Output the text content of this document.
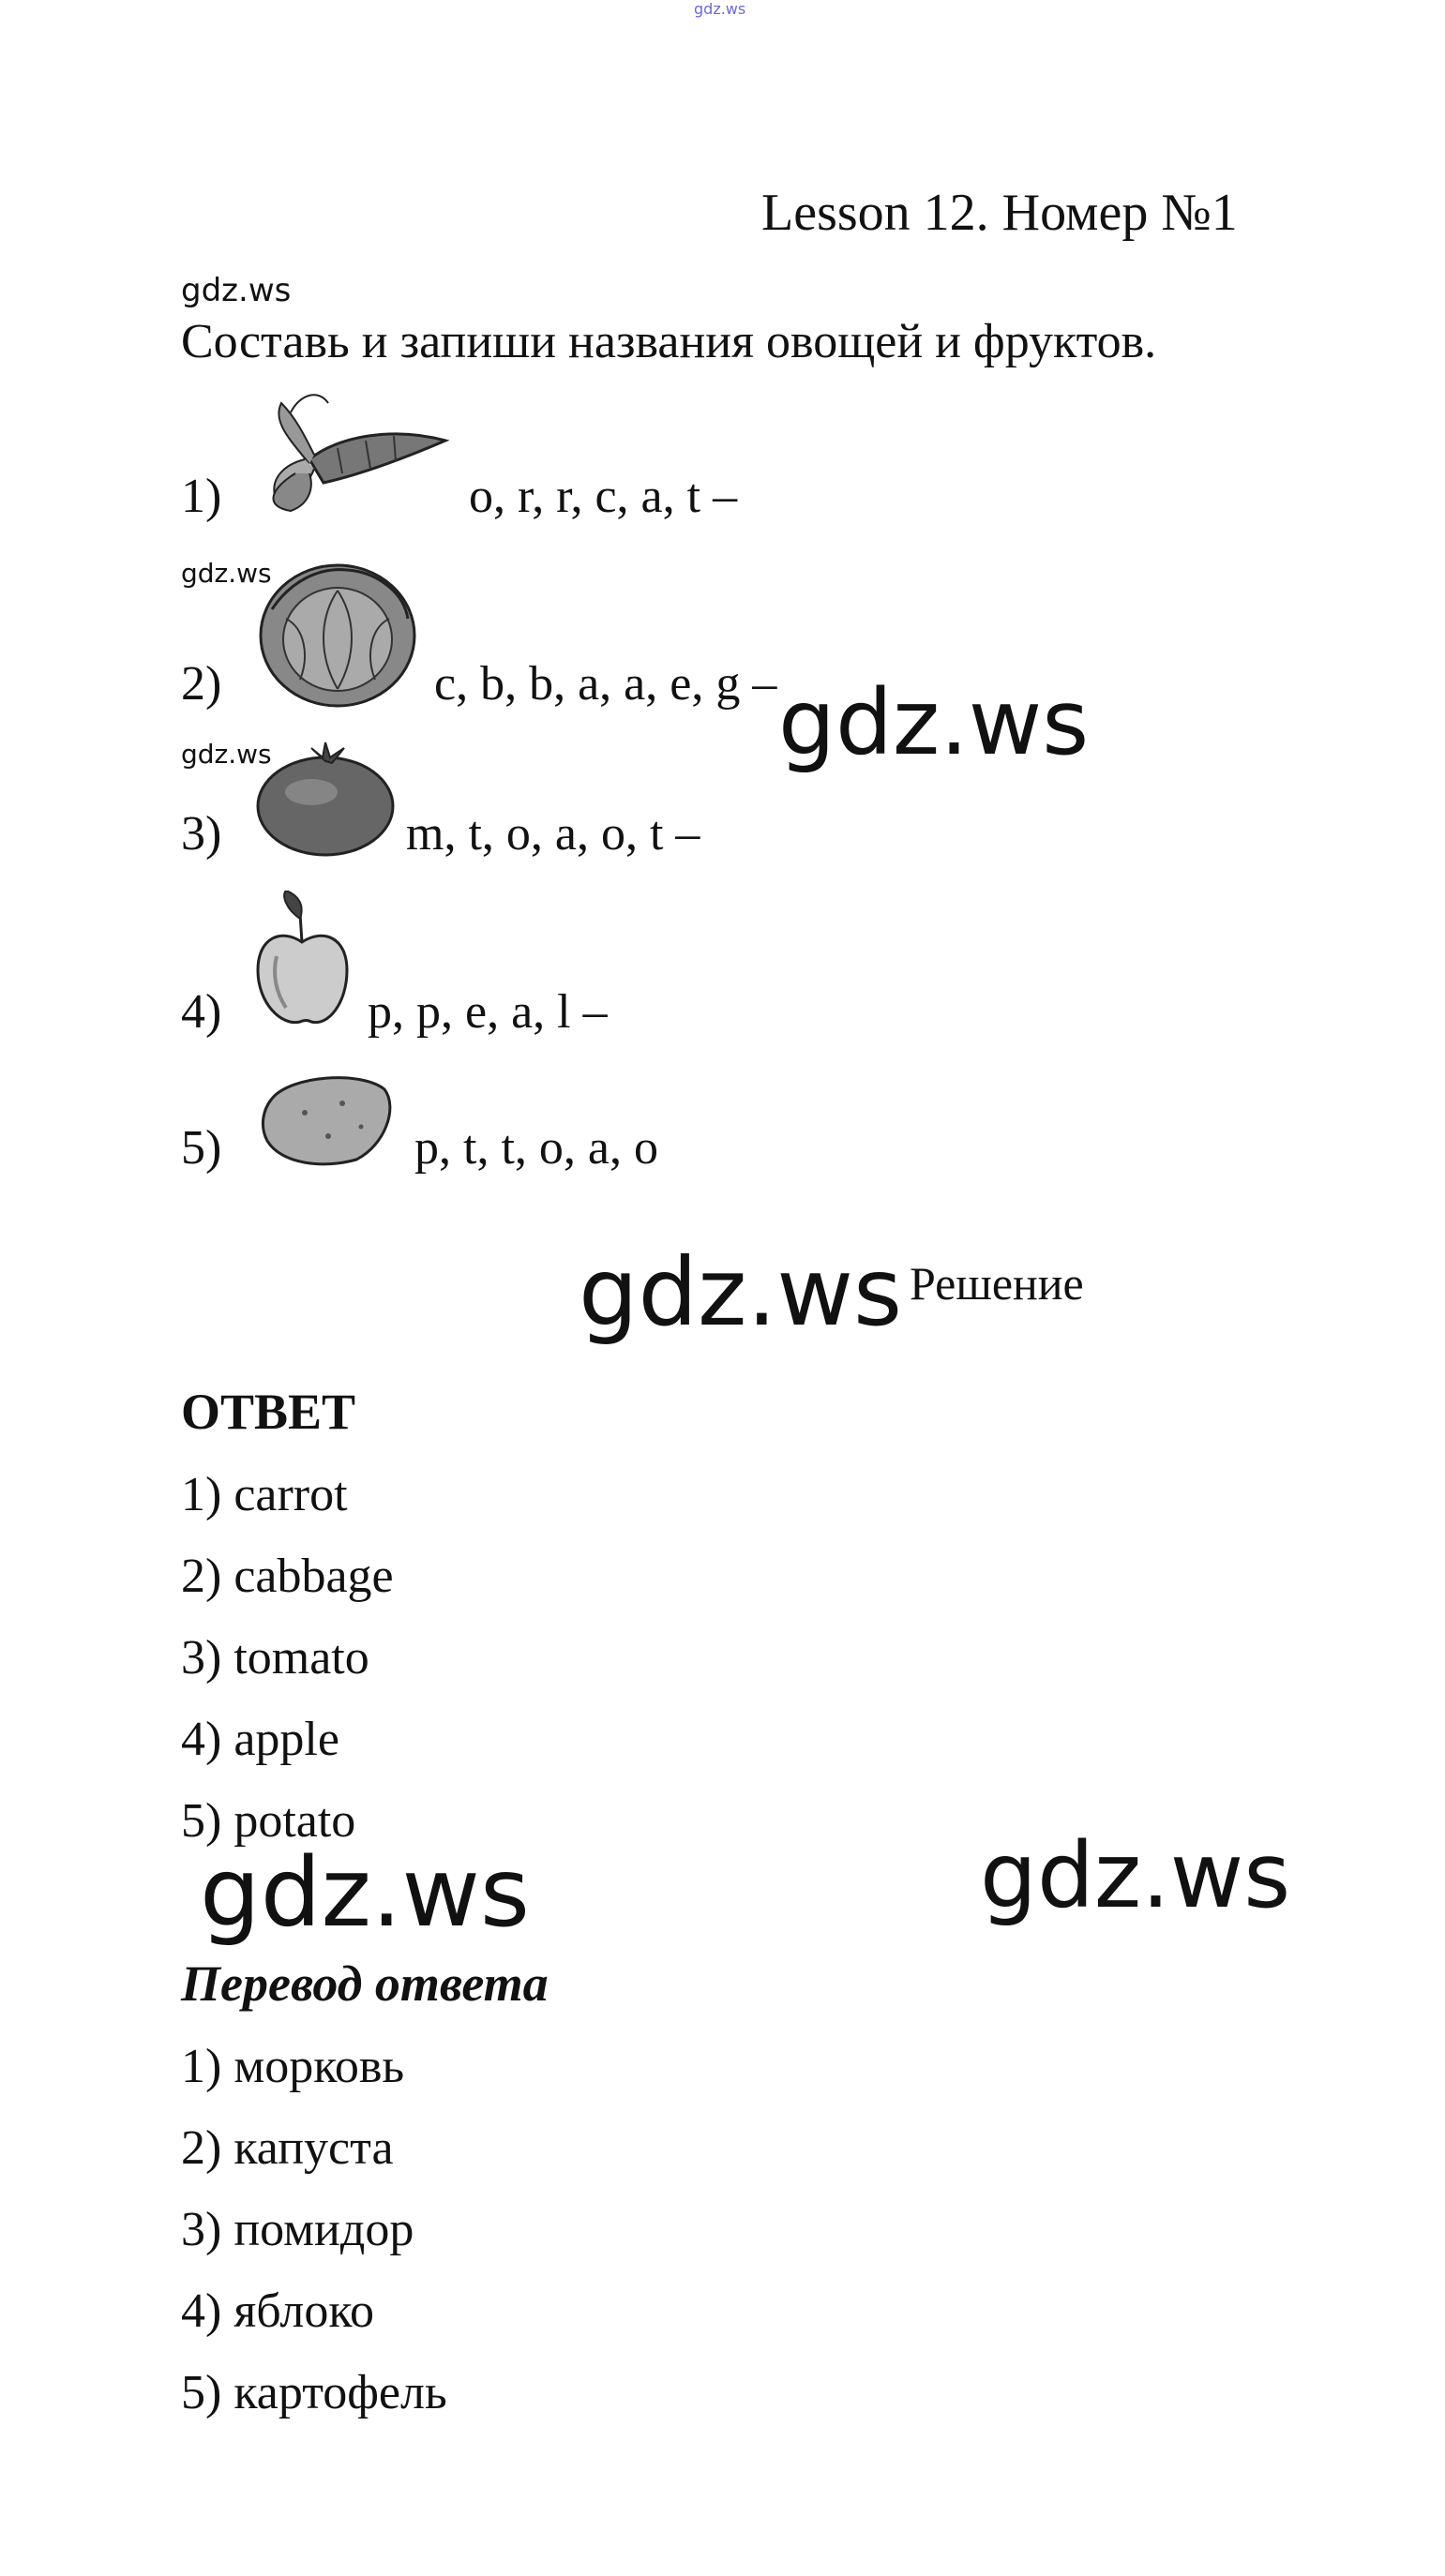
gdz.ws
Lesson 12. Номер №1
gdz.ws
gdz.ws
gdz.ws
Составь и запиши названия овощей и фруктов.
1)	o, r, r, c, a, t –
2)	c, b, b, a, a, e, g – gdz.ws
3)	m, t, o, a, o, t –
4)	p, p, e, a, l –
5)	p, t, t, o, a, o
gdz.ws Решение
ОТВЕТ
1) carrot
2) cabbage
3) tomato
4) apple
5) potato
gdz.ws	gdz.ws
Перевод ответа
1) морковь
2) капуста
3) помидор
4) яблоко
5) картофель
